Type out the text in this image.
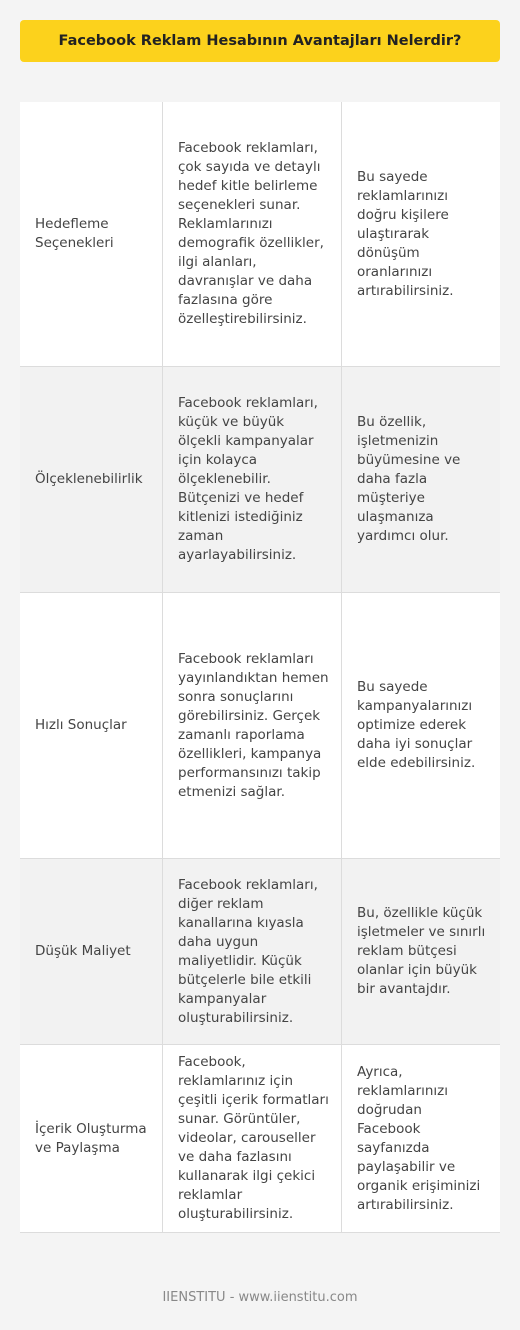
Facebook Reklam Hesabının Avantajları Nelerdir?
Hedefleme Seçenekleri
Facebook reklamları, çok sayıda ve detaylı hedef kitle belirleme seçenekleri sunar. Reklamlarınızı demografik özellikler, ilgi alanları, davranışlar ve daha fazlasına göre özelleştirebilirsiniz.
Bu sayede reklamlarınızı doğru kişilere ulaştırarak dönüşüm oranlarınızı artırabilirsiniz.
Ölçeklenebilirlik
Facebook reklamları, küçük ve büyük ölçekli kampanyalar için kolayca ölçeklenebilir. Bütçenizi ve hedef kitlenizi istediğiniz zaman ayarlayabilirsiniz.
Bu özellik, işletmenizin büyümesine ve daha fazla müşteriye ulaşmanıza yardımcı olur.
Hızlı Sonuçlar
Facebook reklamları yayınlandıktan hemen sonra sonuçlarını görebilirsiniz. Gerçek zamanlı raporlama özellikleri, kampanya performansınızı takip etmenizi sağlar.
Bu sayede kampanyalarınızı optimize ederek daha iyi sonuçlar elde edebilirsiniz.
Düşük Maliyet
Facebook reklamları, diğer reklam kanallarına kıyasla daha uygun maliyetlidir. Küçük bütçelerle bile etkili kampanyalar oluşturabilirsiniz.
Bu, özellikle küçük işletmeler ve sınırlı reklam bütçesi olanlar için büyük bir avantajdır.
İçerik Oluşturma ve Paylaşma
Facebook, reklamlarınız için çeşitli içerik formatları sunar. Görüntüler, videolar, carouseller ve daha fazlasını kullanarak ilgi çekici reklamlar oluşturabilirsiniz.
Ayrıca, reklamlarınızı doğrudan Facebook sayfanızda paylaşabilir ve organik erişiminizi artırabilirsiniz.
IIENSTITU - www.iienstitu.com
